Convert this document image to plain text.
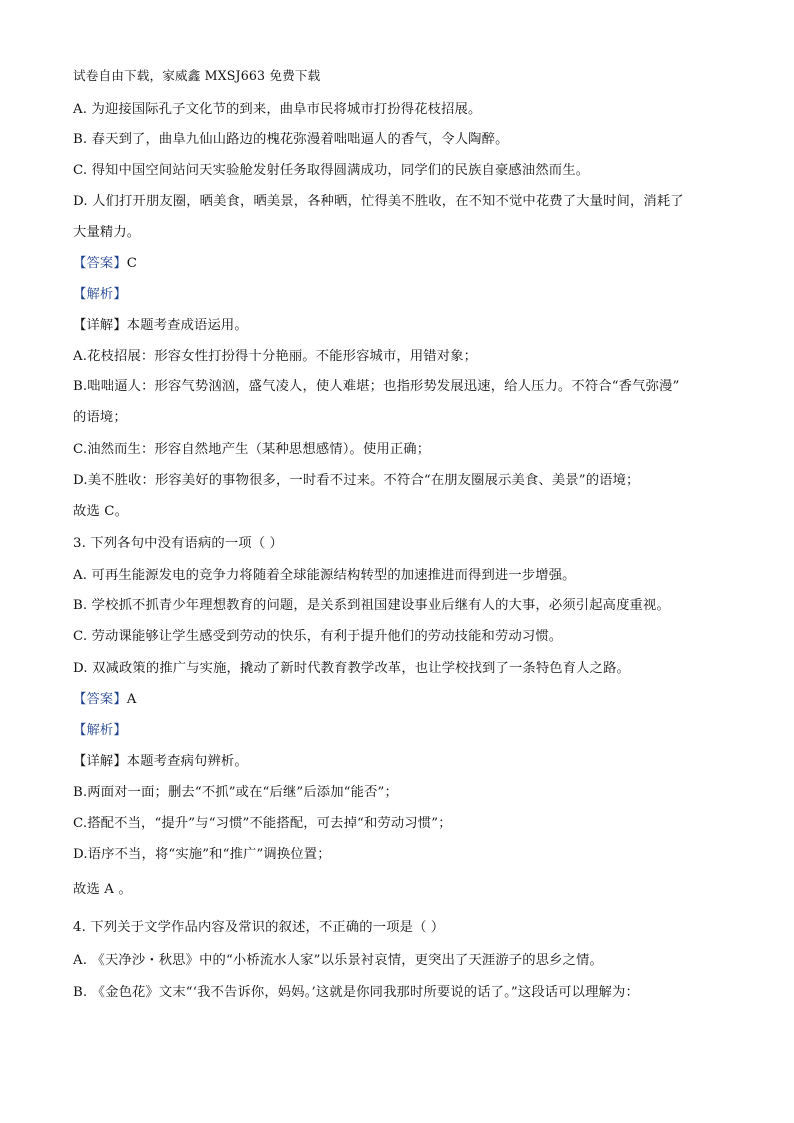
试卷自由下载，家威鑫 MXSJ663 免费下载
A. 为迎接国际孔子文化节的到来，曲阜市民将城市打扮得花枝招展。
B. 春天到了，曲阜九仙山路边的槐花弥漫着咄咄逼人的香气，令人陶醉。
C. 得知中国空间站问天实验舱发射任务取得圆满成功，同学们的民族自豪感油然而生。
D. 人们打开朋友圈，晒美食，晒美景，各种晒，忙得美不胜收，在不知不觉中花费了大量时间，消耗了
大量精力。
【答案】C
【解析】
【详解】本题考查成语运用。
A.花枝招展：形容女性打扮得十分艳丽。不能形容城市，用错对象；
B.咄咄逼人：形容气势汹汹，盛气凌人，使人难堪；也指形势发展迅速，给人压力。不符合“香气弥漫”
的语境；
C.油然而生：形容自然地产生（某种思想感情）。使用正确；
D.美不胜收：形容美好的事物很多，一时看不过来。不符合“在朋友圈展示美食、美景”的语境；
故选 C。
3. 下列各句中没有语病的一项（ ）
A. 可再生能源发电的竞争力将随着全球能源结构转型的加速推进而得到进一步增强。
B. 学校抓不抓青少年理想教育的问题，是关系到祖国建设事业后继有人的大事，必须引起高度重视。
C. 劳动课能够让学生感受到劳动的快乐，有利于提升他们的劳动技能和劳动习惯。
D. 双减政策的推广与实施，撬动了新时代教育教学改革，也让学校找到了一条特色育人之路。
【答案】A
【解析】
【详解】本题考查病句辨析。
B.两面对一面；删去“不抓”或在“后继”后添加“能否”；
C.搭配不当，“提升”与“习惯”不能搭配，可去掉“和劳动习惯”；
D.语序不当，将“实施”和“推广”调换位置；
故选 A 。
4. 下列关于文学作品内容及常识的叙述，不正确的一项是（ ）
A. 《天净沙・秋思》中的“小桥流水人家”以乐景衬哀情，更突出了天涯游子的思乡之情。
B. 《金色花》文末“‘我不告诉你，妈妈。’这就是你同我那时所要说的话了。”这段话可以理解为：
